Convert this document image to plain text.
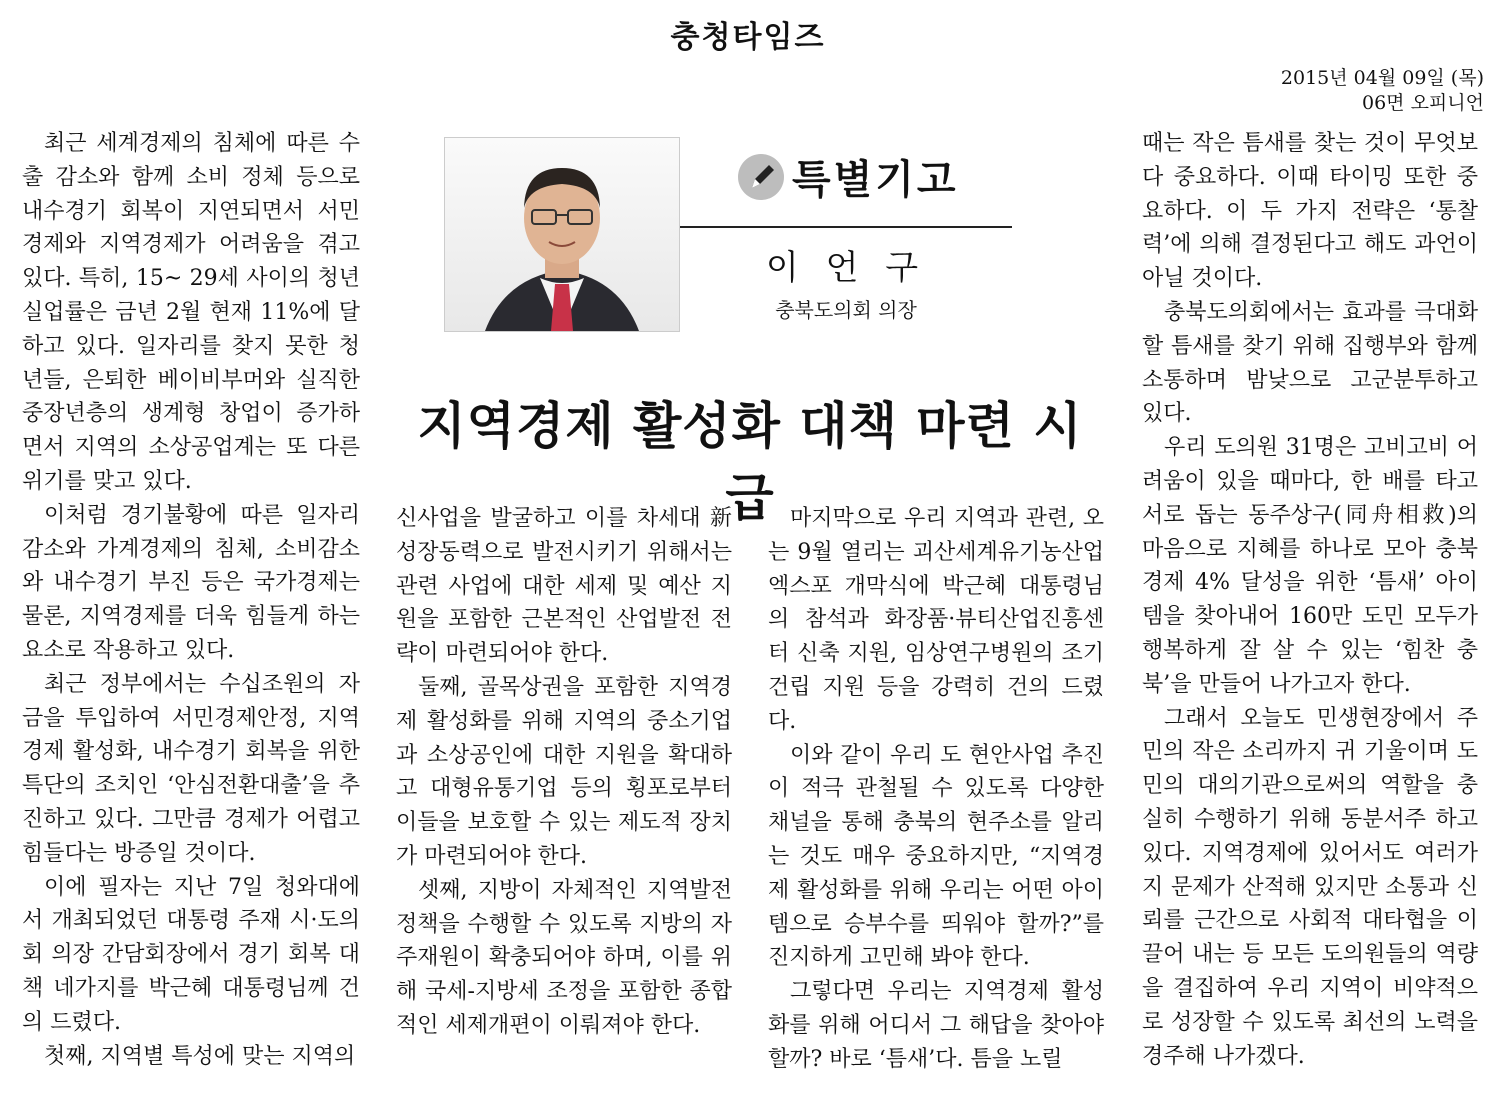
충청타임즈
2015년 04월 09일 (목)
06면 오피니언

최근 세계경제의 침체에 따른 수출 감소와 함께 소비 정체 등으로 내수경기 회복이 지연되면서 서민경제와 지역경제가 어려움을 겪고 있다. 특히, 15~ 29세 사이의 청년 실업률은 금년 2월 현재 11%에 달하고 있다. 일자리를 찾지 못한 청년들, 은퇴한 베이비부머와 실직한 중장년층의 생계형 창업이 증가하면서 지역의 소상공업계는 또 다른 위기를 맞고 있다.

이처럼 경기불황에 따른 일자리 감소와 가계경제의 침체, 소비감소와 내수경기 부진 등은 국가경제는 물론, 지역경제를 더욱 힘들게 하는 요소로 작용하고 있다.

최근 정부에서는 수십조원의 자금을 투입하여 서민경제안정, 지역경제 활성화, 내수경기 회복을 위한 특단의 조치인 ‘안심전환대출’을 추진하고 있다. 그만큼 경제가 어렵고 힘들다는 방증일 것이다.

이에 필자는 지난 7일 청와대에서 개최되었던 대통령 주재 시·도의회 의장 간담회장에서 경기 회복 대책 네가지를 박근혜 대통령님께 건의 드렸다.

첫째, 지역별 특성에 맞는 지역의

특별기고
이 언 구
충북도의회 의장
지역경제 활성화 대책 마련 시급

신사업을 발굴하고 이를 차세대 新성장동력으로 발전시키기 위해서는 관련 사업에 대한 세제 및 예산 지원을 포함한 근본적인 산업발전 전략이 마련되어야 한다.

둘째, 골목상권을 포함한 지역경제 활성화를 위해 지역의 중소기업과 소상공인에 대한 지원을 확대하고 대형유통기업 등의 횡포로부터 이들을 보호할 수 있는 제도적 장치가 마련되어야 한다.

셋째, 지방이 자체적인 지역발전 정책을 수행할 수 있도록 지방의 자주재원이 확충되어야 하며, 이를 위해 국세-지방세 조정을 포함한 종합적인 세제개편이 이뤄져야 한다.

마지막으로 우리 지역과 관련, 오는 9월 열리는 괴산세계유기농산업엑스포 개막식에 박근혜 대통령님의 참석과 화장품·뷰티산업진흥센터 신축 지원, 임상연구병원의 조기건립 지원 등을 강력히 건의 드렸다.

이와 같이 우리 도 현안사업 추진이 적극 관철될 수 있도록 다양한 채널을 통해 충북의 현주소를 알리는 것도 매우 중요하지만, “지역경제 활성화를 위해 우리는 어떤 아이템으로 승부수를 띄워야 할까?”를 진지하게 고민해 봐야 한다.

그렇다면 우리는 지역경제 활성화를 위해 어디서 그 해답을 찾아야 할까? 바로 ‘틈새’다. 틈을 노릴

때는 작은 틈새를 찾는 것이 무엇보다 중요하다. 이때 타이밍 또한 중요하다. 이 두 가지 전략은 ‘통찰력’에 의해 결정된다고 해도 과언이 아닐 것이다.

충북도의회에서는 효과를 극대화 할 틈새를 찾기 위해 집행부와 함께 소통하며 밤낮으로 고군분투하고 있다.

우리 도의원 31명은 고비고비 어려움이 있을 때마다, 한 배를 타고 서로 돕는 동주상구(同舟相救)의 마음으로 지혜를 하나로 모아 충북경제 4% 달성을 위한 ‘틈새’ 아이템을 찾아내어 160만 도민 모두가 행복하게 잘 살 수 있는 ‘힘찬 충북’을 만들어 나가고자 한다.

그래서 오늘도 민생현장에서 주민의 작은 소리까지 귀 기울이며 도민의 대의기관으로써의 역할을 충실히 수행하기 위해 동분서주 하고 있다. 지역경제에 있어서도 여러가지 문제가 산적해 있지만 소통과 신뢰를 근간으로 사회적 대타협을 이끌어 내는 등 모든 도의원들의 역량을 결집하여 우리 지역이 비약적으로 성장할 수 있도록 최선의 노력을 경주해 나가겠다.
